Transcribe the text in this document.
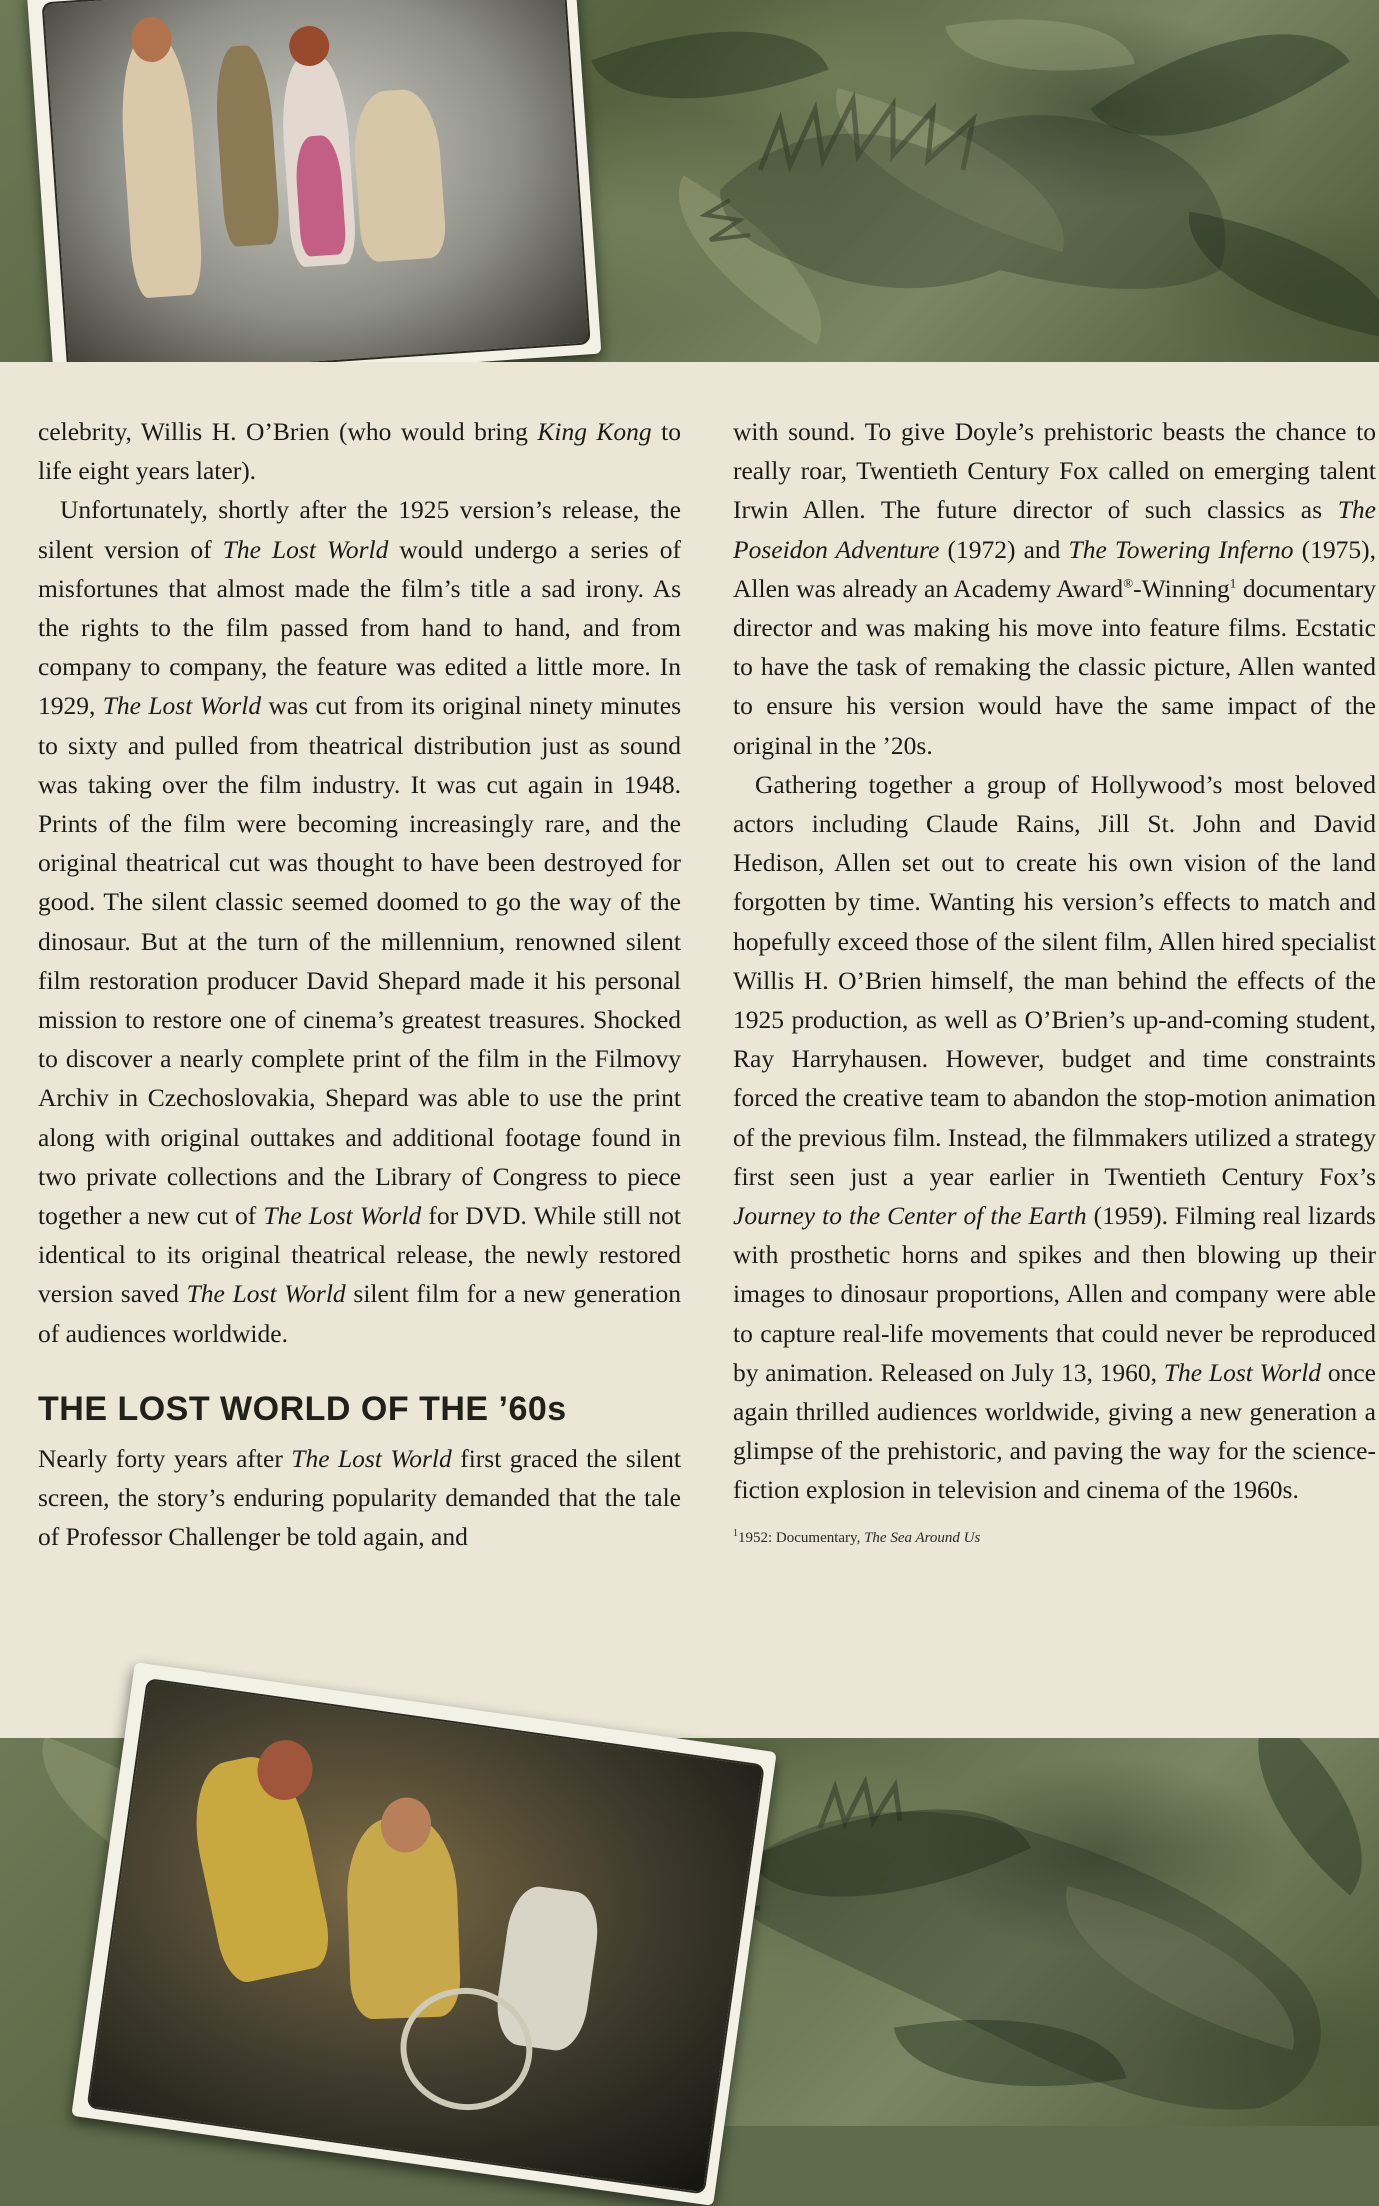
celebrity, Willis H. O’Brien (who would bring King Kong to life eight years later).

Unfortunately, shortly after the 1925 version’s release, the silent version of The Lost World would undergo a series of misfortunes that almost made the film’s title a sad irony. As the rights to the film passed from hand to hand, and from company to company, the feature was edited a little more. In 1929, The Lost World was cut from its original ninety minutes to sixty and pulled from theatrical distribution just as sound was taking over the film industry. It was cut again in 1948. Prints of the film were becoming increasingly rare, and the original theatrical cut was thought to have been destroyed for good. The silent classic seemed doomed to go the way of the dinosaur. But at the turn of the millennium, renowned silent film restoration producer David Shepard made it his personal mission to restore one of cinema’s greatest treasures. Shocked to discover a nearly complete print of the film in the Filmovy Archiv in Czechoslovakia, Shepard was able to use the print along with original outtakes and additional footage found in two private collections and the Library of Congress to piece together a new cut of The Lost World for DVD. While still not identical to its original theatrical release, the newly restored version saved The Lost World silent film for a new generation of audiences worldwide.

THE LOST WORLD OF THE ’60s

Nearly forty years after The Lost World first graced the silent screen, the story’s enduring popularity demanded that the tale of Professor Challenger be told again, and

with sound. To give Doyle’s prehistoric beasts the chance to really roar, Twentieth Century Fox called on emerging talent Irwin Allen. The future director of such classics as The Poseidon Adventure (1972) and The Towering Inferno (1975), Allen was already an Academy Award®-Winning$^1$ documentary director and was making his move into feature films. Ecstatic to have the task of remaking the classic picture, Allen wanted to ensure his version would have the same impact of the original in the ’20s.

Gathering together a group of Hollywood’s most beloved actors including Claude Rains, Jill St. John and David Hedison, Allen set out to create his own vision of the land forgotten by time. Wanting his version’s effects to match and hopefully exceed those of the silent film, Allen hired specialist Willis H. O’Brien himself, the man behind the effects of the 1925 production, as well as O’Brien’s up-and-coming student, Ray Harryhausen. However, budget and time constraints forced the creative team to abandon the stop-motion animation of the previous film. Instead, the filmmakers utilized a strategy first seen just a year earlier in Twentieth Century Fox’s Journey to the Center of the Earth (1959). Filming real lizards with prosthetic horns and spikes and then blowing up their images to dinosaur proportions, Allen and company were able to capture real-life movements that could never be reproduced by animation. Released on July 13, 1960, The Lost World once again thrilled audiences worldwide, giving a new generation a glimpse of the prehistoric, and paving the way for the science-fiction explosion in television and cinema of the 1960s.

$^1$1952: Documentary, The Sea Around Us
